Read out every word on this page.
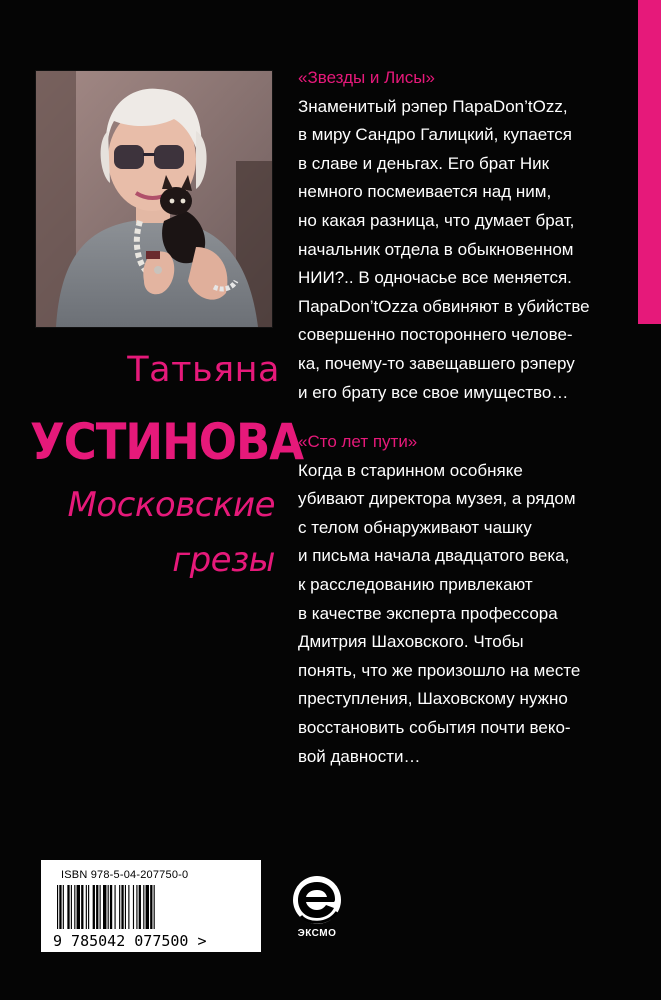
Татьяна
УСТИНОВА
Московские
грезы
«Звезды и Лисы»
Знаменитый рэпер ПараDon’tOzz,
в миру Сандро Галицкий, купается
в славе и деньгах. Его брат Ник
немного посмеивается над ним,
но какая разница, что думает брат,
начальник отдела в обыкновенном
НИИ?.. В одночасье все меняется.
ПараDon’tOzza обвиняют в убийстве
совершенно постороннего челове-
ка, почему-то завещавшего рэперу
и его брату все свое имущество…
«Сто лет пути»
Когда в старинном особняке
убивают директора музея, а рядом
с телом обнаруживают чашку
и письма начала двадцатого века,
к расследованию привлекают
в качестве эксперта профессора
Дмитрия Шаховского. Чтобы
понять, что же произошло на месте
преступления, Шаховскому нужно
восстановить события почти веко-
вой давности…
ISBN 978-5-04-207750-0
9 785042 077500 >	ЭКСМО
